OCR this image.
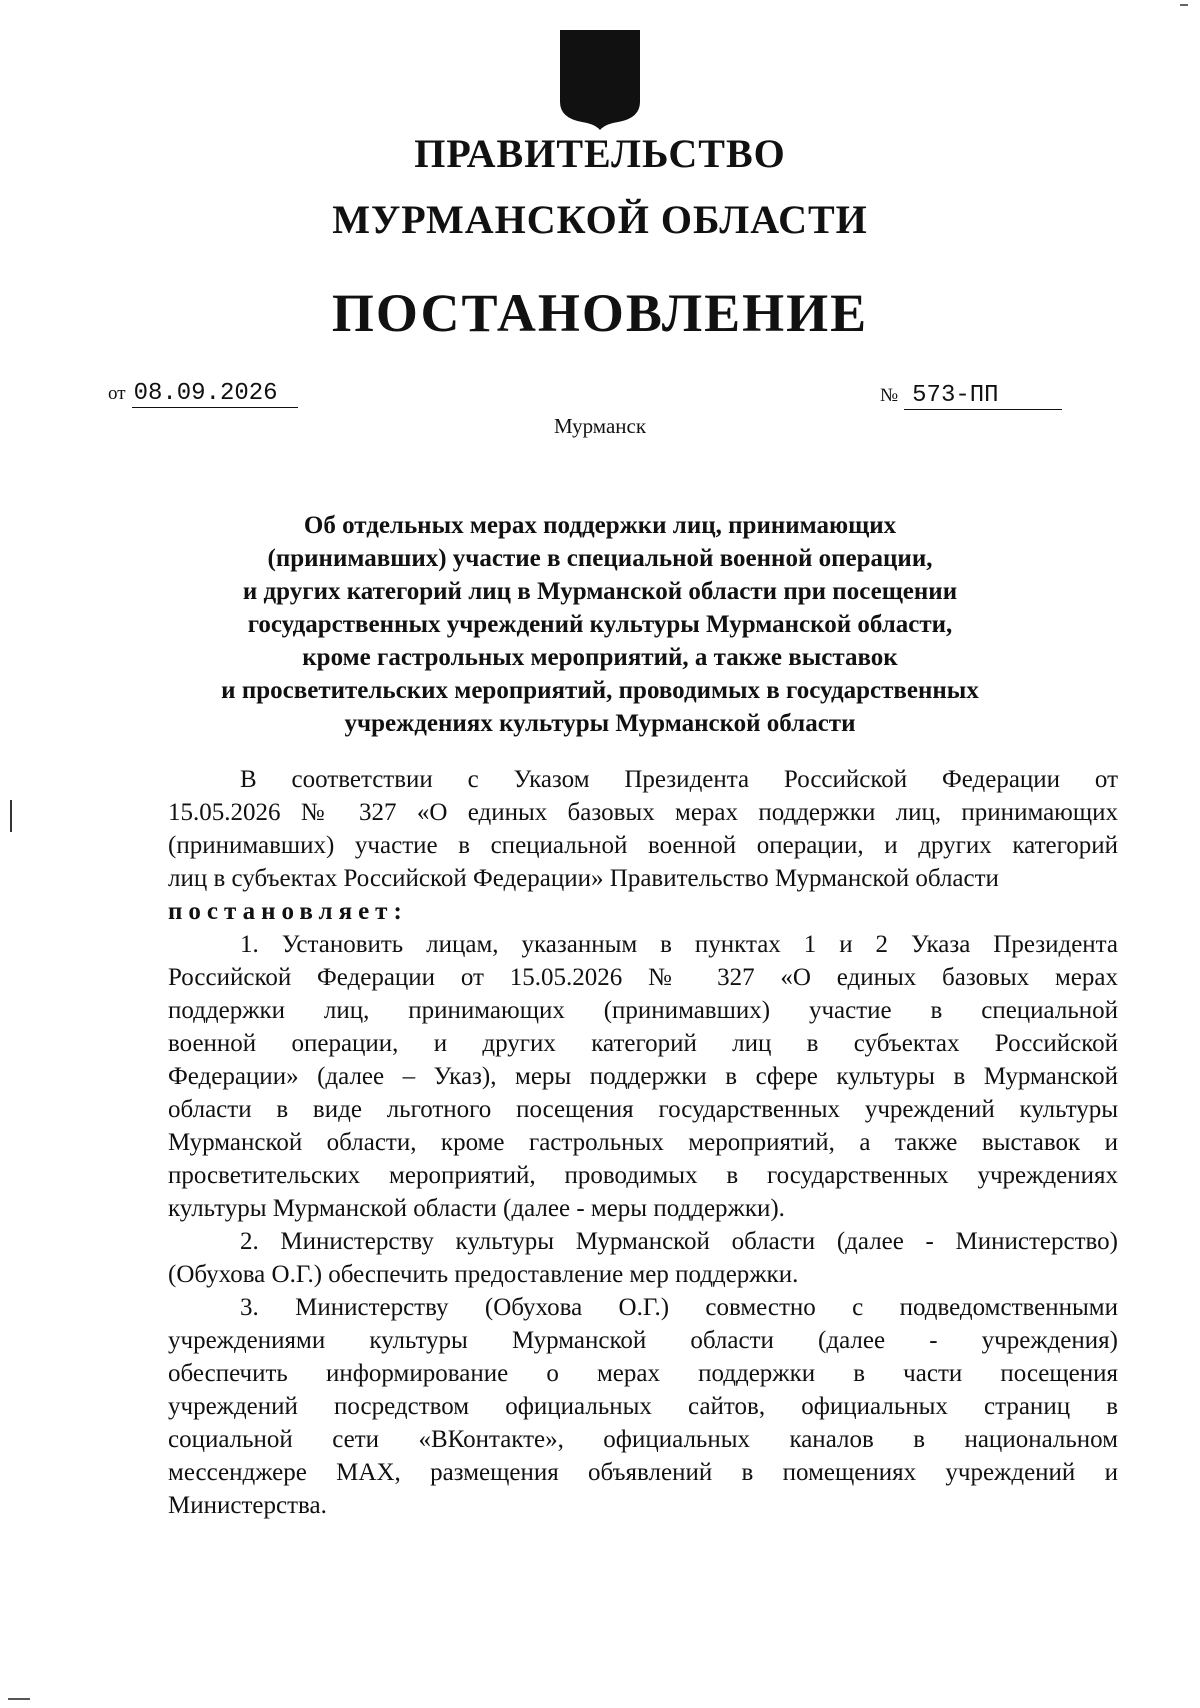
ПРАВИТЕЛЬСТВО
МУРМАНСКОЙ ОБЛАСТИ
ПОСТАНОВЛЕНИЕ
от 08.09.2026	№ 573-ПП
Мурманск
Об отдельных мерах поддержки лиц, принимающих
(принимавших) участие в специальной военной операции,
и других категорий лиц в Мурманской области при посещении
государственных учреждений культуры Мурманской области,
кроме гастрольных мероприятий, а также выставок
и просветительских мероприятий, проводимых в государственных
учреждениях культуры Мурманской области
В соответствии с Указом Президента Российской Федерации от
15.05.2026 № 327 «О единых базовых мерах поддержки лиц, принимающих
(принимавших) участие в специальной военной операции, и других категорий
лиц в субъектах Российской Федерации» Правительство Мурманской области
постановляет:
1. Установить лицам, указанным в пунктах 1 и 2 Указа Президента
Российской Федерации от 15.05.2026 № 327 «О единых базовых мерах
поддержки лиц, принимающих (принимавших) участие в специальной
военной операции, и других категорий лиц в субъектах Российской
Федерации» (далее – Указ), меры поддержки в сфере культуры в Мурманской
области в виде льготного посещения государственных учреждений культуры
Мурманской области, кроме гастрольных мероприятий, а также выставок и
просветительских мероприятий, проводимых в государственных учреждениях
культуры Мурманской области (далее - меры поддержки).
2. Министерству культуры Мурманской области (далее - Министерство)
(Обухова О.Г.) обеспечить предоставление мер поддержки.
3. Министерству (Обухова О.Г.) совместно с подведомственными
учреждениями культуры Мурманской области (далее - учреждения)
обеспечить информирование о мерах поддержки в части посещения
учреждений посредством официальных сайтов, официальных страниц в
социальной сети «ВКонтакте», официальных каналов в национальном
мессенджере MAX, размещения объявлений в помещениях учреждений и
Министерства.
